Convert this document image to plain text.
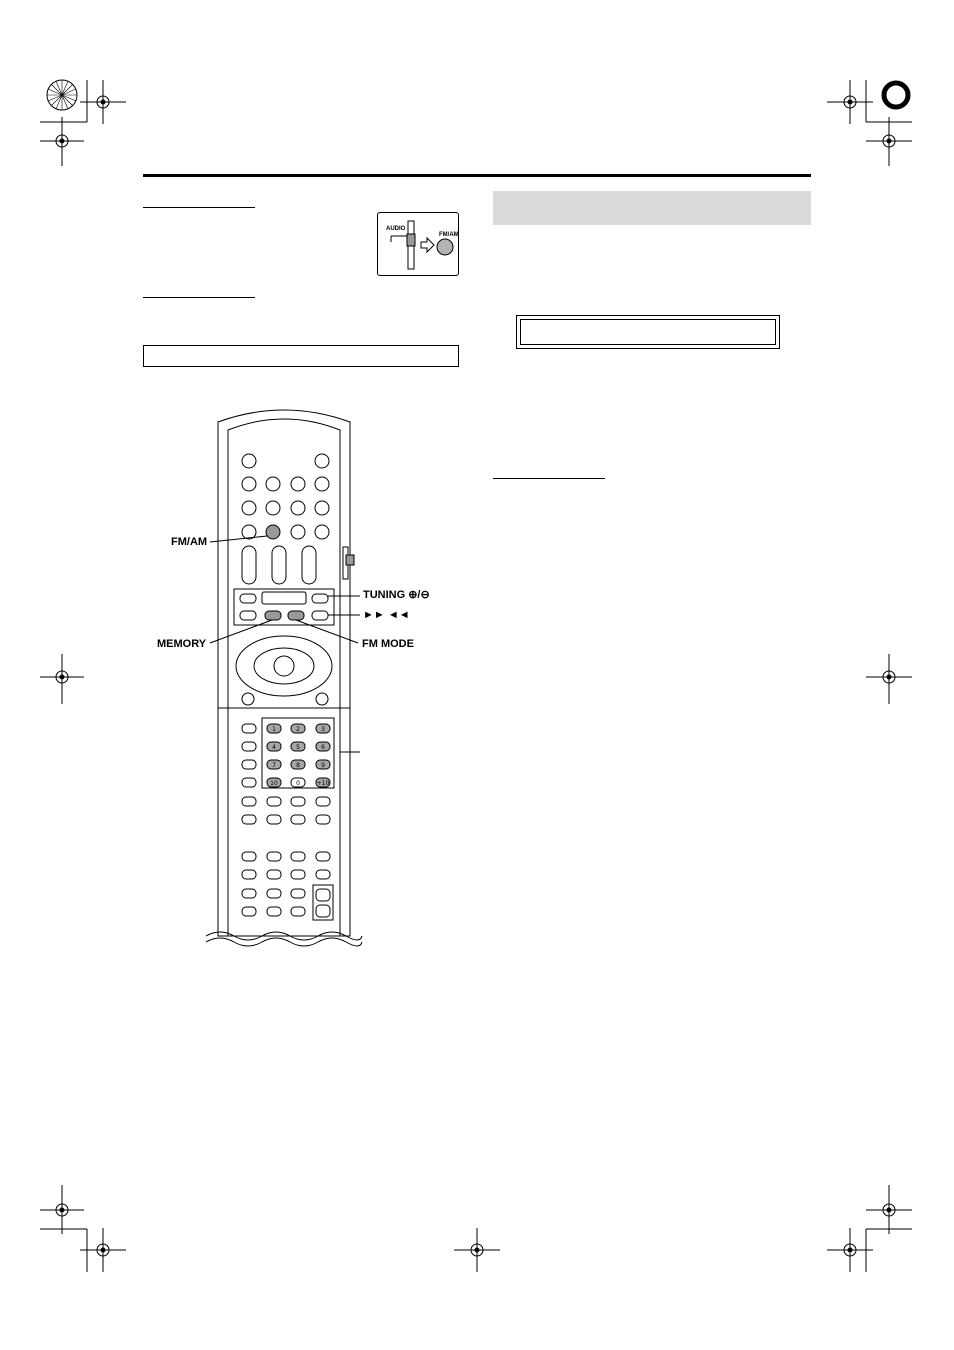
AUDIO
FM/AM
1	2	3
4	5	6
7	8	9
10	0	+10
FM/AM
TUNING ⊕/⊖
►► ◄◄
MEMORY	FM MODE
